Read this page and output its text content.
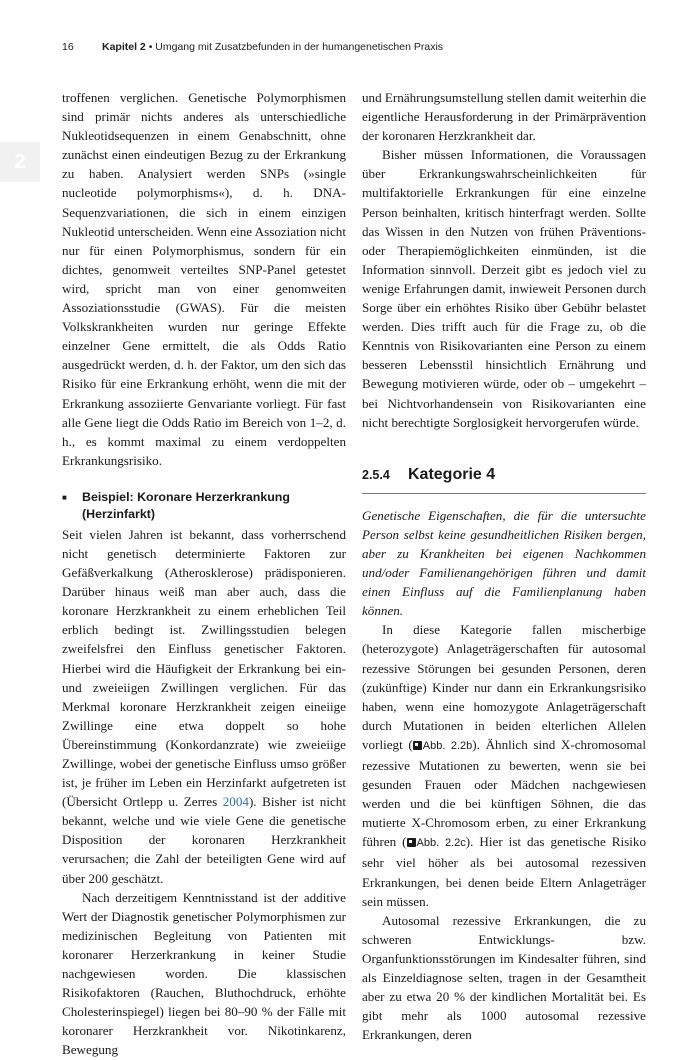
16	Kapitel 2 • Umgang mit Zusatzbefunden in der humangenetischen Praxis
2

troffenen verglichen. Genetische Polymorphismen sind primär nichts anderes als unterschiedliche Nukleotidsequenzen in einem Genabschnitt, ohne zunächst einen eindeutigen Bezug zu der Erkrankung zu haben. Analysiert werden SNPs (»single nucleotide polymorphisms«), d. h. DNA-Sequenzvariationen, die sich in einem einzigen Nukleotid unterscheiden. Wenn eine Assoziation nicht nur für einen Polymorphismus, sondern für ein dichtes, genomweit verteiltes SNP-Panel getestet wird, spricht man von einer genomweiten Assoziationsstudie (GWAS). Für die meisten Volkskrankheiten wurden nur geringe Effekte einzelner Gene ermittelt, die als Odds Ratio ausgedrückt werden, d. h. der Faktor, um den sich das Risiko für eine Erkrankung erhöht, wenn die mit der Erkrankung assoziierte Genvariante vorliegt. Für fast alle Gene liegt die Odds Ratio im Bereich von 1–2, d. h., es kommt maximal zu einem verdoppelten Erkrankungsrisiko.

■	Beispiel: Koronare Herzerkrankung (Herzinfarkt)

Seit vielen Jahren ist bekannt, dass vorherrschend nicht genetisch determinierte Faktoren zur Gefäßverkalkung (Atherosklerose) prädisponieren. Darüber hinaus weiß man aber auch, dass die koronare Herzkrankheit zu einem erheblichen Teil erblich bedingt ist. Zwillingsstudien belegen zweifelsfrei den Einfluss genetischer Faktoren. Hierbei wird die Häufigkeit der Erkrankung bei ein- und zweieiigen Zwillingen verglichen. Für das Merkmal koronare Herzkrankheit zeigen eineiige Zwillinge eine etwa doppelt so hohe Übereinstimmung (Konkordanzrate) wie zweieiige Zwillinge, wobei der genetische Einfluss umso größer ist, je früher im Leben ein Herzinfarkt aufgetreten ist (Übersicht Ortlepp u. Zerres 2004). Bisher ist nicht bekannt, welche und wie viele Gene die genetische Disposition der koronaren Herzkrankheit verursachen; die Zahl der beteiligten Gene wird auf über 200 geschätzt.

Nach derzeitigem Kenntnisstand ist der additive Wert der Diagnostik genetischer Polymorphismen zur medizinischen Begleitung von Patienten mit koronarer Herzerkrankung in keiner Studie nachgewiesen worden. Die klassischen Risikofaktoren (Rauchen, Bluthochdruck, erhöhte Cholesterinspiegel) liegen bei 80–90 % der Fälle mit koronarer Herzkrankheit vor. Nikotinkarenz, Bewegung

und Ernährungsumstellung stellen damit weiterhin die eigentliche Herausforderung in der Primärprävention der koronaren Herzkrankheit dar.

Bisher müssen Informationen, die Voraussagen über Erkrankungswahrscheinlichkeiten für multifaktorielle Erkrankungen für eine einzelne Person beinhalten, kritisch hinterfragt werden. Sollte das Wissen in den Nutzen von frühen Präventions- oder Therapiemöglichkeiten einmünden, ist die Information sinnvoll. Derzeit gibt es jedoch viel zu wenige Erfahrungen damit, inwieweit Personen durch Sorge über ein erhöhtes Risiko über Gebühr belastet werden. Dies trifft auch für die Frage zu, ob die Kenntnis von Risikovarianten eine Person zu einem besseren Lebensstil hinsichtlich Ernährung und Bewegung motivieren würde, oder ob – umgekehrt – bei Nichtvorhandensein von Risikovarianten eine nicht berechtigte Sorglosigkeit hervorgerufen würde.

2.5.4 Kategorie 4

Genetische Eigenschaften, die für die untersuchte Person selbst keine gesundheitlichen Risiken bergen, aber zu Krankheiten bei eigenen Nachkommen und/oder Familienangehörigen führen und damit einen Einfluss auf die Familienplanung haben können.

In diese Kategorie fallen mischerbige (heterozygote) Anlageträgerschaften für autosomal rezessive Störungen bei gesunden Personen, deren (zukünftige) Kinder nur dann ein Erkrankungsrisiko haben, wenn eine homozygote Anlageträgerschaft durch Mutationen in beiden elterlichen Allelen vorliegt ( Abb. 2.2b). Ähnlich sind X-chromosomal rezessive Mutationen zu bewerten, wenn sie bei gesunden Frauen oder Mädchen nachgewiesen werden und die bei künftigen Söhnen, die das mutierte X-Chromosom erben, zu einer Erkrankung führen ( Abb. 2.2c). Hier ist das genetische Risiko sehr viel höher als bei autosomal rezessiven Erkrankungen, bei denen beide Eltern Anlageträger sein müssen.

Autosomal rezessive Erkrankungen, die zu schweren Entwicklungs- bzw. Organfunktionsstörungen im Kindesalter führen, sind als Einzeldiagnose selten, tragen in der Gesamtheit aber zu etwa 20 % der kindlichen Mortalität bei. Es gibt mehr als 1000 autosomal rezessive Erkrankungen, deren
